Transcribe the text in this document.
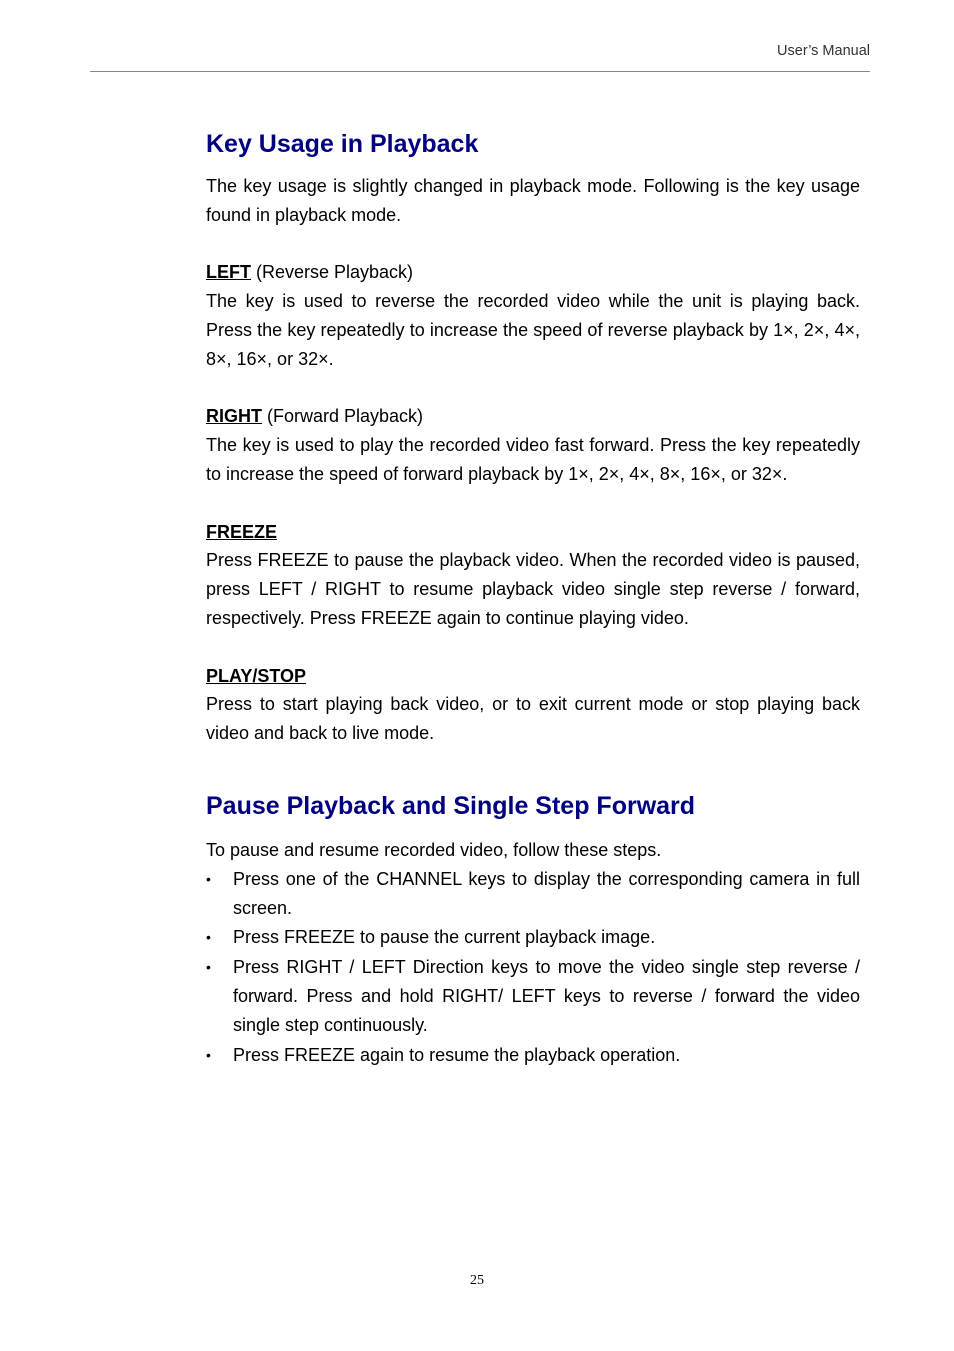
User’s Manual
Key Usage in Playback

The key usage is slightly changed in playback mode. Following is the key usage found in playback mode.

LEFT (Reverse Playback)

The key is used to reverse the recorded video while the unit is playing back. Press the key repeatedly to increase the speed of reverse playback by 1×, 2×, 4×, 8×, 16×, or 32×.

RIGHT (Forward Playback)

The key is used to play the recorded video fast forward. Press the key repeatedly to increase the speed of forward playback by 1×, 2×, 4×, 8×, 16×, or 32×.

FREEZE

Press FREEZE to pause the playback video. When the recorded video is paused, press LEFT / RIGHT to resume playback video single step reverse / forward, respectively. Press FREEZE again to continue playing video.

PLAY/STOP

Press to start playing back video, or to exit current mode or stop playing back video and back to live mode.

Pause Playback and Single Step Forward

To pause and resume recorded video, follow these steps.

• Press one of the CHANNEL keys to display the corresponding camera in full screen.
• Press FREEZE to pause the current playback image.
• Press RIGHT / LEFT Direction keys to move the video single step reverse / forward. Press and hold RIGHT/ LEFT keys to reverse / forward the video single step continuously.
• Press FREEZE again to resume the playback operation.
25
